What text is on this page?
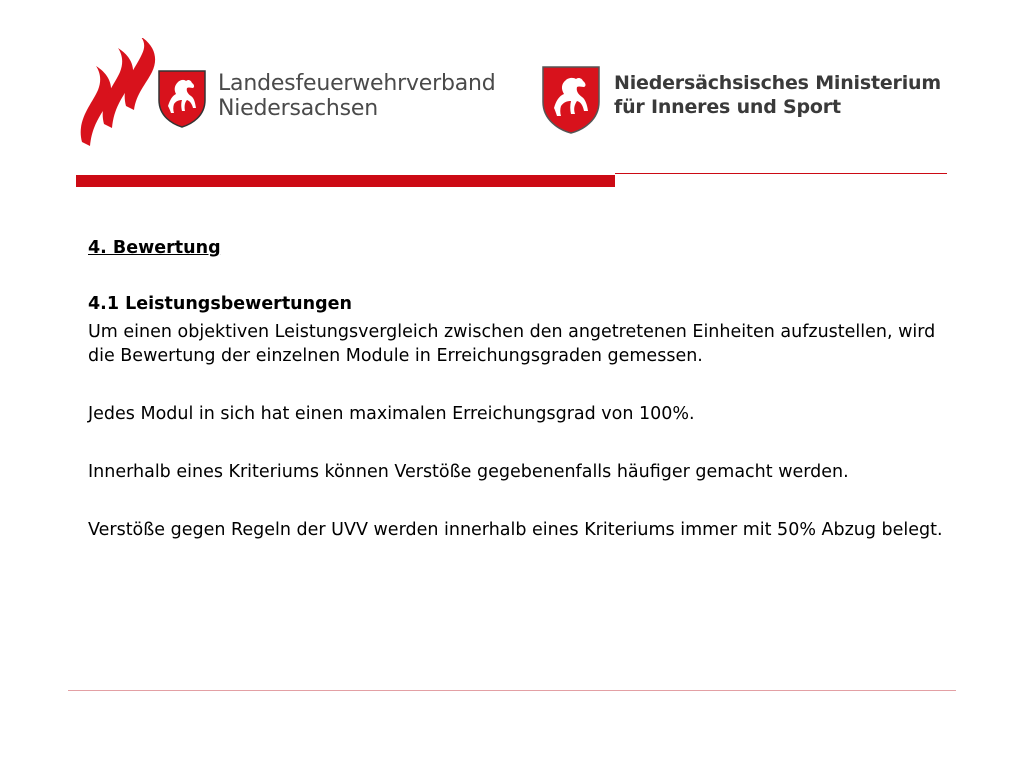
Landesfeuerwehrverband
Niedersachsen
Niedersächsisches Ministerium
für Inneres und Sport

4. Bewertung

4.1 Leistungsbewertungen

Um einen objektiven Leistungsvergleich zwischen den angetretenen Einheiten aufzustellen, wird die Bewertung der einzelnen Module in Erreichungsgraden gemessen.

Jedes Modul in sich hat einen maximalen Erreichungsgrad von 100%.

Innerhalb eines Kriteriums können Verstöße gegebenenfalls häufiger gemacht werden.

Verstöße gegen Regeln der UVV werden innerhalb eines Kriteriums immer mit 50% Abzug belegt.
